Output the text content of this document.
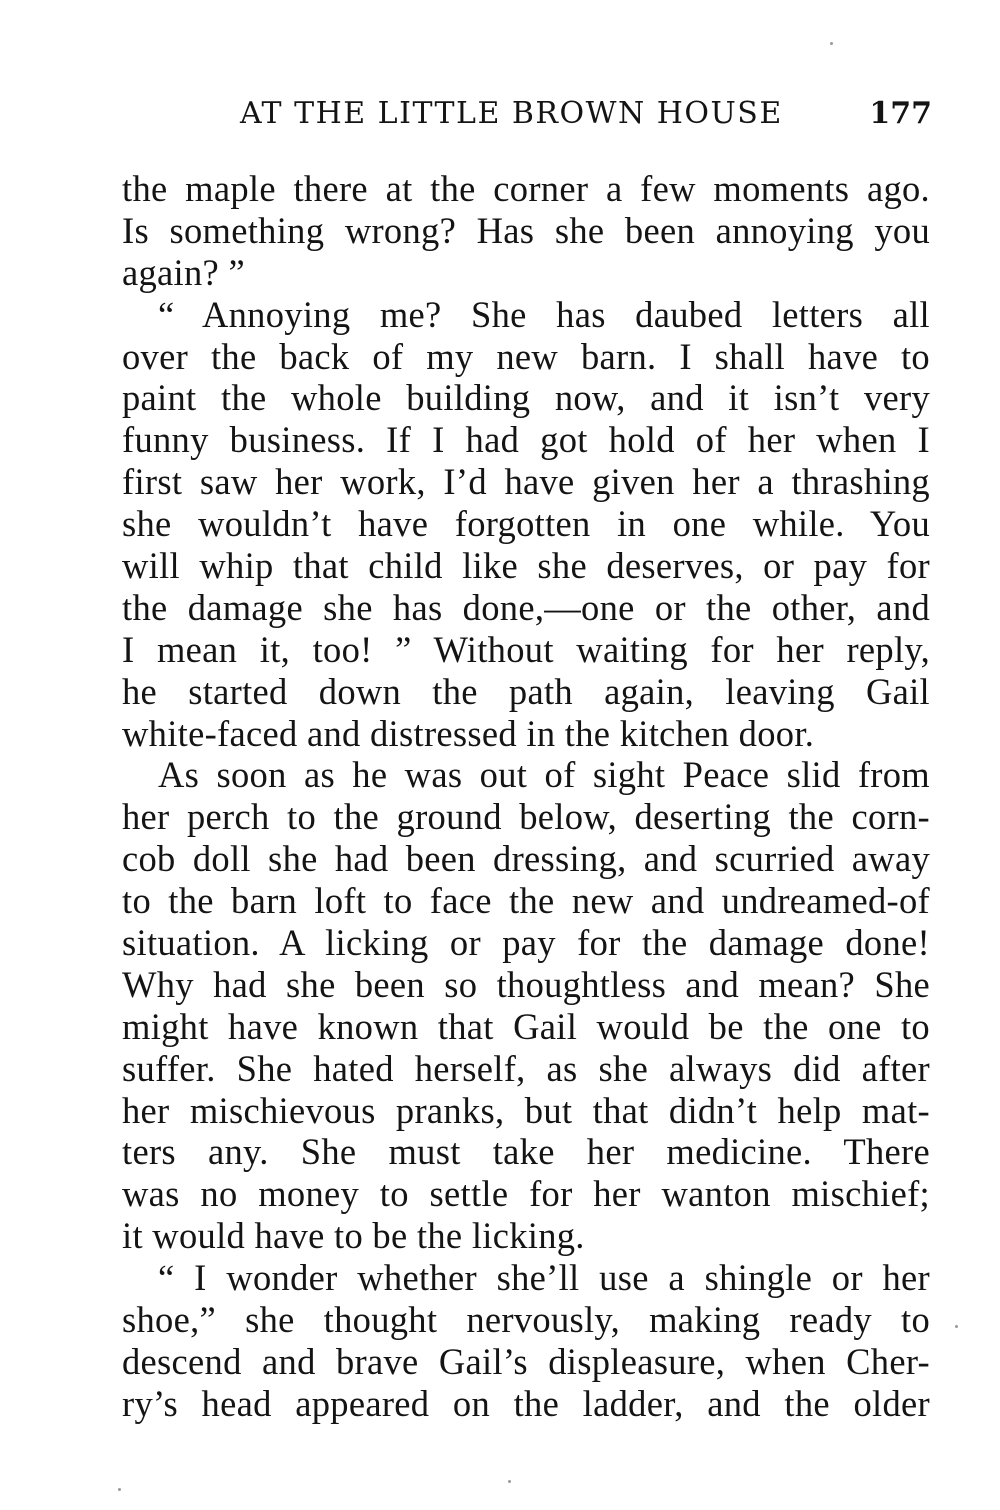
AT THE LITTLE BROWN HOUSE	177
the maple there at the corner a few moments ago.
Is something wrong? Has she been annoying you
again? ”
“ Annoying me? She has daubed letters all
over the back of my new barn. I shall have to
paint the whole building now, and it isn’t very
funny business. If I had got hold of her when I
first saw her work, I’d have given her a thrashing
she wouldn’t have forgotten in one while. You
will whip that child like she deserves, or pay for
the damage she has done,—one or the other, and
I mean it, too! ” Without waiting for her reply,
he started down the path again, leaving Gail
white-faced and distressed in the kitchen door.
As soon as he was out of sight Peace slid from
her perch to the ground below, deserting the corn-
cob doll she had been dressing, and scurried away
to the barn loft to face the new and undreamed-of
situation. A licking or pay for the damage done!
Why had she been so thoughtless and mean? She
might have known that Gail would be the one to
suffer. She hated herself, as she always did after
her mischievous pranks, but that didn’t help mat-
ters any. She must take her medicine. There
was no money to settle for her wanton mischief;
it would have to be the licking.
“ I wonder whether she’ll use a shingle or her
shoe,” she thought nervously, making ready to
descend and brave Gail’s displeasure, when Cher-
ry’s head appeared on the ladder, and the older
